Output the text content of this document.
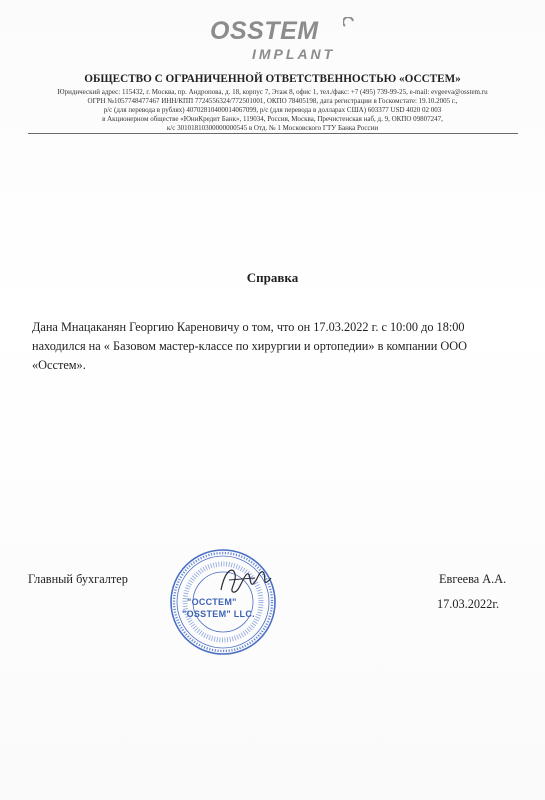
OSSTEM
IMPLANT
ОБЩЕСТВО С ОГРАНИЧЕННОЙ ОТВЕТСТВЕННОСТЬЮ «ОССТЕМ»
Юридический адрес: 115432, г. Москва, пр. Андропова, д. 18, корпус 7, Этаж 8, офис 1, тел./факс: +7 (495) 739-99-25, e-mail: evgeeva@osstem.ru
ОГРН №1057748477467 ИНН/КПП 7724556324/772501001, ОКПО 78405198, дата регистрации в Госкомстате: 19.10.2005 г.,
р/с (для перевода в рублях) 40702810400014067099, р/с (для перевода в долларах США) 603377 USD 4020 02 003
в Акционерном обществе «ЮниКредит Банк», 119034, Россия, Москва, Пречистенская наб, д. 9, ОКПО 09807247,
к/с 30101810300000000545 в Отд. № 1 Московского ГТУ Банка России
Справка
Дана Мнацаканян Георгию Кареновичу о том, что он 17.03.2022 г. с 10:00 до 18:00
находился на « Базовом мастер-классе по хирургии и ортопедии» в компании ООО
«Осстем».
Главный бухгалтер
"ОССТЕМ"
"OSSTEM" LLC.
Евгеева А.А.
17.03.2022г.
